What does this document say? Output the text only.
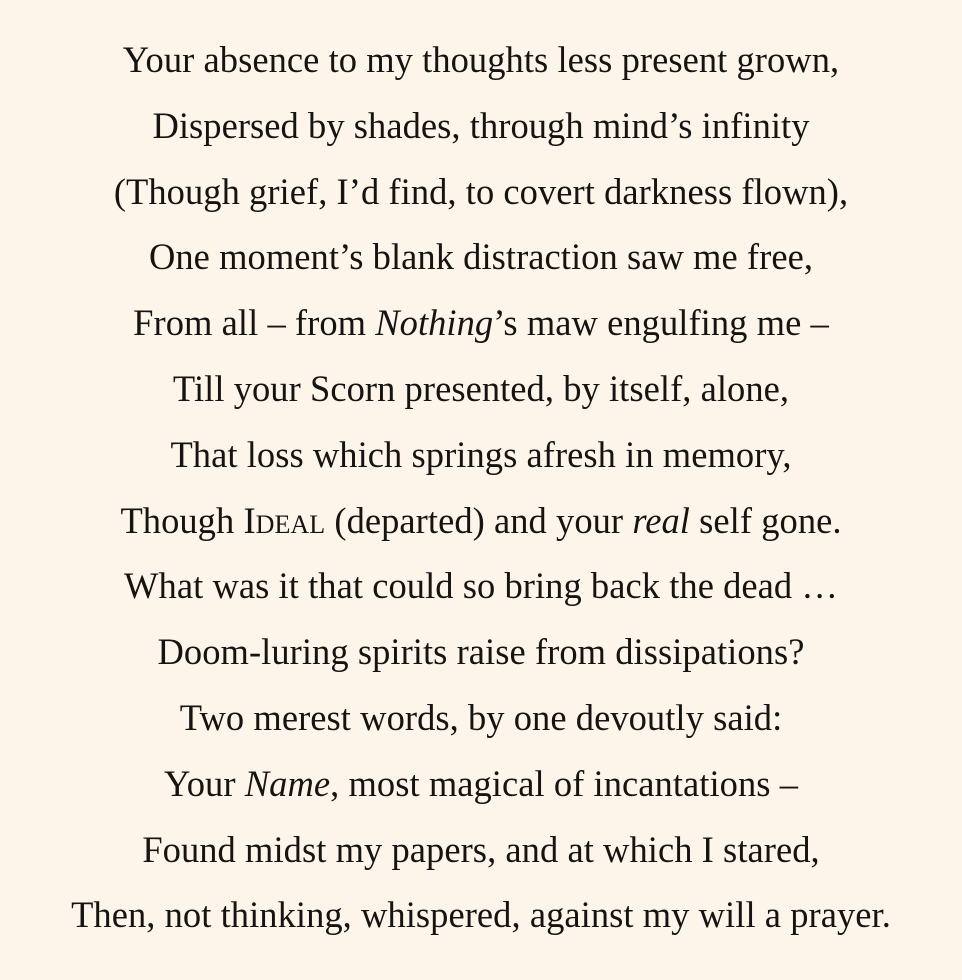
Your absence to my thoughts less present grown,
Dispersed by shades, through mind’s infinity
(Though grief, I’d find, to covert darkness flown),
One moment’s blank distraction saw me free,
From all – from Nothing’s maw engulfing me –
Till your Scorn presented, by itself, alone,
That loss which springs afresh in memory,
Though Ideal (departed) and your real self gone.
What was it that could so bring back the dead …
Doom-luring spirits raise from dissipations?
Two merest words, by one devoutly said:
Your Name, most magical of incantations –
Found midst my papers, and at which I stared,
Then, not thinking, whispered, against my will a prayer.
